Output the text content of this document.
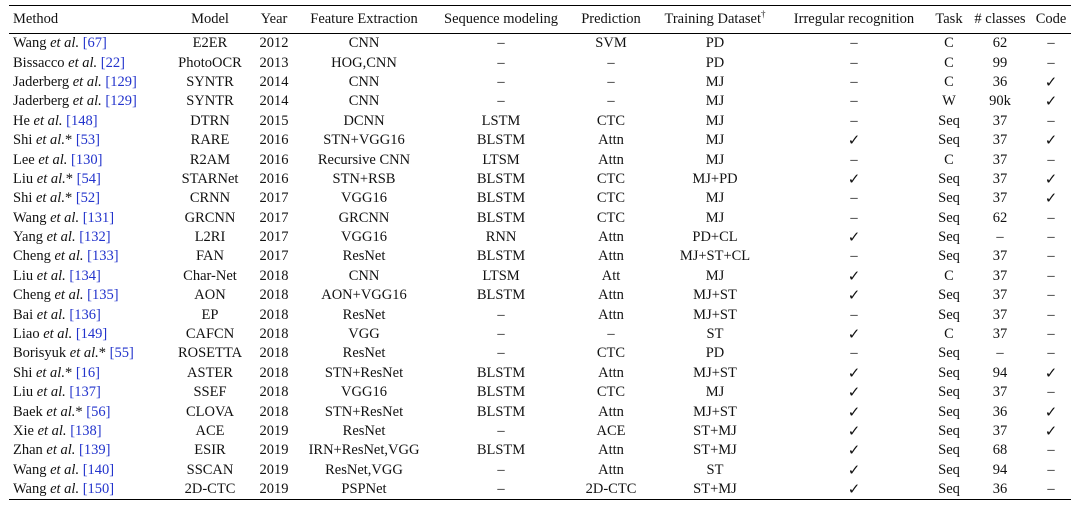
Method	Model	Year	Feature Extraction	Sequence modeling	Prediction	Training Dataset†	Irregular recognition	Task	# classes	Code
Wang et al. [67]	E2ER	2012	CNN	–	SVM	PD	–	C	62	–
Bissacco et al. [22]	PhotoOCR	2013	HOG,CNN	–	–	PD	–	C	99	–
Jaderberg et al. [129]	SYNTR	2014	CNN	–	–	MJ	–	C	36	✓
Jaderberg et al. [129]	SYNTR	2014	CNN	–	–	MJ	–	W	90k	✓
He et al. [148]	DTRN	2015	DCNN	LSTM	CTC	MJ	–	Seq	37	–
Shi et al.* [53]	RARE	2016	STN+VGG16	BLSTM	Attn	MJ	✓	Seq	37	✓
Lee et al. [130]	R2AM	2016	Recursive CNN	LTSM	Attn	MJ	–	C	37	–
Liu et al.* [54]	STARNet	2016	STN+RSB	BLSTM	CTC	MJ+PD	✓	Seq	37	✓
Shi et al.* [52]	CRNN	2017	VGG16	BLSTM	CTC	MJ	–	Seq	37	✓
Wang et al. [131]	GRCNN	2017	GRCNN	BLSTM	CTC	MJ	–	Seq	62	–
Yang et al. [132]	L2RI	2017	VGG16	RNN	Attn	PD+CL	✓	Seq	–	–
Cheng et al. [133]	FAN	2017	ResNet	BLSTM	Attn	MJ+ST+CL	–	Seq	37	–
Liu et al. [134]	Char-Net	2018	CNN	LTSM	Att	MJ	✓	C	37	–
Cheng et al. [135]	AON	2018	AON+VGG16	BLSTM	Attn	MJ+ST	✓	Seq	37	–
Bai et al. [136]	EP	2018	ResNet	–	Attn	MJ+ST	–	Seq	37	–
Liao et al. [149]	CAFCN	2018	VGG	–	–	ST	✓	C	37	–
Borisyuk et al.* [55]	ROSETTA	2018	ResNet	–	CTC	PD	–	Seq	–	–
Shi et al.* [16]	ASTER	2018	STN+ResNet	BLSTM	Attn	MJ+ST	✓	Seq	94	✓
Liu et al. [137]	SSEF	2018	VGG16	BLSTM	CTC	MJ	✓	Seq	37	–
Baek et al.* [56]	CLOVA	2018	STN+ResNet	BLSTM	Attn	MJ+ST	✓	Seq	36	✓
Xie et al. [138]	ACE	2019	ResNet	–	ACE	ST+MJ	✓	Seq	37	✓
Zhan et al. [139]	ESIR	2019	IRN+ResNet,VGG	BLSTM	Attn	ST+MJ	✓	Seq	68	–
Wang et al. [140]	SSCAN	2019	ResNet,VGG	–	Attn	ST	✓	Seq	94	–
Wang et al. [150]	2D-CTC	2019	PSPNet	–	2D-CTC	ST+MJ	✓	Seq	36	–
